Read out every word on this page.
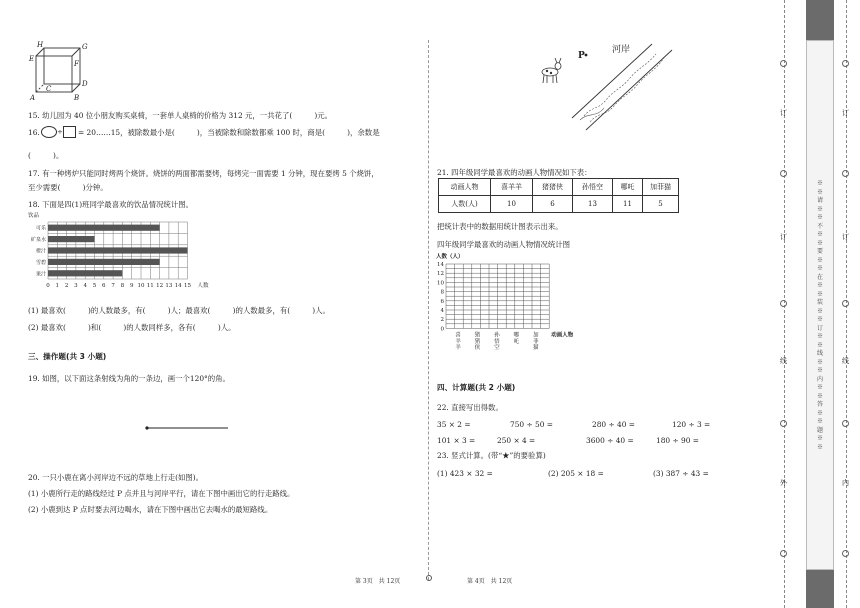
H	G
E
F
C
D
A	B
15. 幼儿园为 40 位小朋友购买桌椅，一套单人桌椅的价格为 312 元，一共花了(　　　)元。
16. ÷ = 20……15，被除数最小是(　　　)，当被除数和除数都乘 100 时，商是(　　　)，余数是
(　　　)。
17. 有一种烤炉只能同时烤两个烧饼。烧饼的两面都需要烤，每烤完一面需要 1 分钟，现在要烤 5 个烧饼，
至少需要(　　　)分钟。
18. 下面是四(1)班同学最喜欢的饮品情况统计图。
饮品
可乐
矿泉水
橙汁
雪碧
果汁
0 1 2 3 4 5 6 7 8 9 10 11 12 13 14 15 人数
(1) 最喜欢(　　　)的人数最多，有(　　　)人；最喜欢(　　　)的人数最多，有(　　　)人。
(2) 最喜欢(　　　)和(　　　)的人数同样多，各有(　　　)人。
三、操作题(共 3 小题)
19. 如图，以下面这条射线为角的一条边，画一个120°的角。
20. 一只小鹿在离小河岸边不远的草地上行走(如图)。
(1) 小鹿所行走的路线经过 P 点并且与河岸平行，请在下图中画出它的行走路线。
(2) 小鹿到达 P 点时要去河边喝水，请在下图中画出它去喝水的最短路线。
第 3页　共 12页
P
河岸
21. 四年级同学最喜欢的动画人物情况如下表：
动画人物	喜羊羊	猪猪侠	孙悟空	哪吒	加菲猫
人数(人)	10	6	13	11	5
把统计表中的数据用统计图表示出来。
四年级同学最喜欢的动画人物情况统计图
人数（人）
0
2
4
6
8
10
12
14
喜羊羊
猪猪侠
孙悟空
哪吒
加菲猫
动画人物
四、计算题(共 2 小题)
22. 直接写出得数。
35 × 2 =	750 ÷ 50 =	280 ÷ 40 =	120 ÷ 3 =
101 × 3 =	250 × 4 =	3600 ÷ 40 =	180 ÷ 90 =
23. 竖式计算。(带“★”的要验算)
(1) 423 × 32 =	(2) 205 × 18 =	(3) 387 ÷ 43 =
第 4页　共 12页
订
订
线
外
订
订
线
内
※※请※※不※※要※※在※※装※※订※※线※※内※※答※※题※※
